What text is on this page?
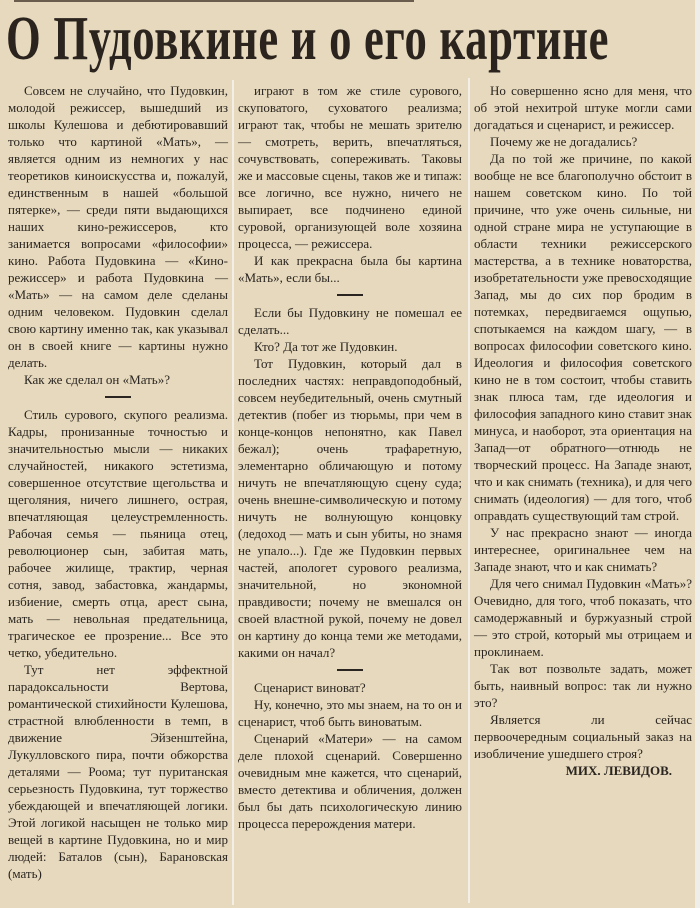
О Пудовкине и о его картине

Совсем не случайно, что Пудовкин, молодой режиссер, вышедший из школы Кулешова и дебютировавший только что картиной «Мать», — является одним из немногих у нас теоретиков киноискусства и, пожалуй, единственным в нашей «большой пятерке», — среди пяти выдающихся наших кино-режиссеров, кто занимается вопросами «философии» кино. Работа Пудовкина — «Кино-режиссер» и работа Пудовкина — «Мать» — на самом деле сделаны одним человеком. Пудовкин сделал свою картину именно так, как указывал он в своей книге — картины нужно делать.

Как же сделал он «Мать»?

Стиль сурового, скупого реализма. Кадры, пронизанные точностью и значительностью мысли — никаких случайностей, никакого эстетизма, совершенное отсутствие щегольства и щеголяния, ничего лишнего, острая, впечатляющая целеустремленность. Рабочая семья — пьяница отец, революционер сын, забитая мать, рабочее жилище, трактир, черная сотня, завод, забастовка, жандармы, избиение, смерть отца, арест сына, мать — невольная предательница, трагическое ее прозрение... Все это четко, убедительно.

Тут нет эффектной парадоксальности Вертова, романтической стихийности Кулешова, страстной влюбленности в темп, в движение Эйзенштейна, Лукулловского пира, почти обжорства деталями — Роома; тут пуританская серьезность Пудовкина, тут торжество убеждающей и впечатляющей логики. Этой логикой насыщен не только мир вещей в картине Пудовкина, но и мир людей: Баталов (сын), Барановская (мать)

играют в том же стиле сурового, скуповатого, суховатого реализма; играют так, чтобы не мешать зрителю — смотреть, верить, впечатляться, сочувствовать, сопереживать. Таковы же и массовые сцены, таков же и типаж: все логично, все нужно, ничего не выпирает, все подчинено единой суровой, организующей воле хозяина процесса, — режиссера.

И как прекрасна была бы картина «Мать», если бы...

Если бы Пудовкину не помешал ее сделать...

Кто? Да тот же Пудовкин.

Тот Пудовкин, который дал в последних частях: неправдоподобный, совсем неубедительный, очень смутный детектив (побег из тюрьмы, при чем в конце-концов непонятно, как Павел бежал); очень трафаретную, элементарно обличающую и потому ничуть не впечатляющую сцену суда; очень внешне-символическую и потому ничуть не волнующую концовку (ледоход — мать и сын убиты, но знамя не упало...). Где же Пудовкин первых частей, апологет сурового реализма, значительной, но экономной правдивости; почему не вмешался он своей властной рукой, почему не довел он картину до конца теми же методами, какими он начал?

Сценарист виноват?

Ну, конечно, это мы знаем, на то он и сценарист, чтоб быть виноватым.

Сценарий «Матери» — на самом деле плохой сценарий. Совершенно очевидным мне кажется, что сценарий, вместо детектива и обличения, должен был бы дать психологическую линию процесса перерождения матери.

Но совершенно ясно для меня, что об этой нехитрой штуке могли сами догадаться и сценарист, и режиссер.

Почему же не догадались?

Да по той же причине, по какой вообще не все благополучно обстоит в нашем советском кино. По той причине, что уже очень сильные, ни одной стране мира не уступающие в области техники режиссерского мастерства, а в технике новаторства, изобретательности уже превосходящие Запад, мы до сих пор бродим в потемках, передвигаемся ощупью, спотыкаемся на каждом шагу, — в вопросах философии советского кино. Идеология и философия советского кино не в том состоит, чтобы ставить знак плюса там, где идеология и философия западного кино ставит знак минуса, и наоборот, эта ориентация на Запад—от обратного—отнюдь не творческий процесс. На Западе знают, что и как снимать (техника), и для чего снимать (идеология) — для того, чтоб оправдать существующий там строй.

У нас прекрасно знают — иногда интереснее, оригинальнее чем на Западе знают, что и как снимать?

Для чего снимал Пудовкин «Мать»? Очевидно, для того, чтоб показать, что самодержавный и буржуазный строй — это строй, который мы отрицаем и проклинаем.

Так вот позвольте задать, может быть, наивный вопрос: так ли нужно это?

Является ли сейчас первоочередным социальный заказ на изобличение ушедшего строя?

МИХ. ЛЕВИДОВ.
